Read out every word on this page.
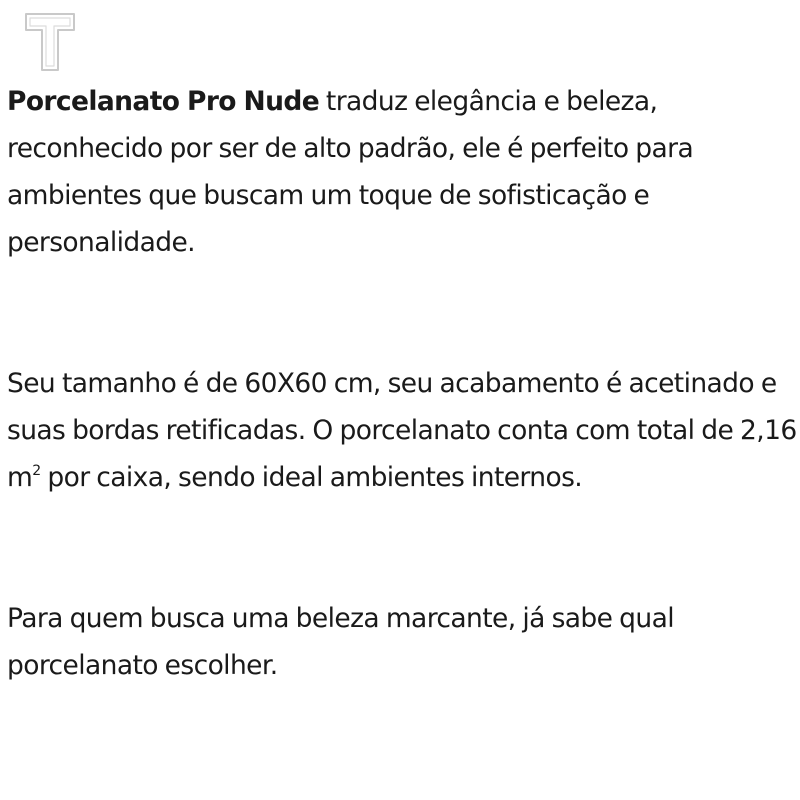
Porcelanato Pro Nude traduz elegância e beleza, reconhecido por ser de alto padrão, ele é perfeito para ambientes que buscam um toque de sofisticação e personalidade.

Seu tamanho é de 60X60 cm, seu acabamento é acetinado e suas bordas retificadas. O porcelanato conta com total de 2,16 $m^2$ por caixa, sendo ideal ambientes internos.

Para quem busca uma beleza marcante, já sabe qual porcelanato escolher.
